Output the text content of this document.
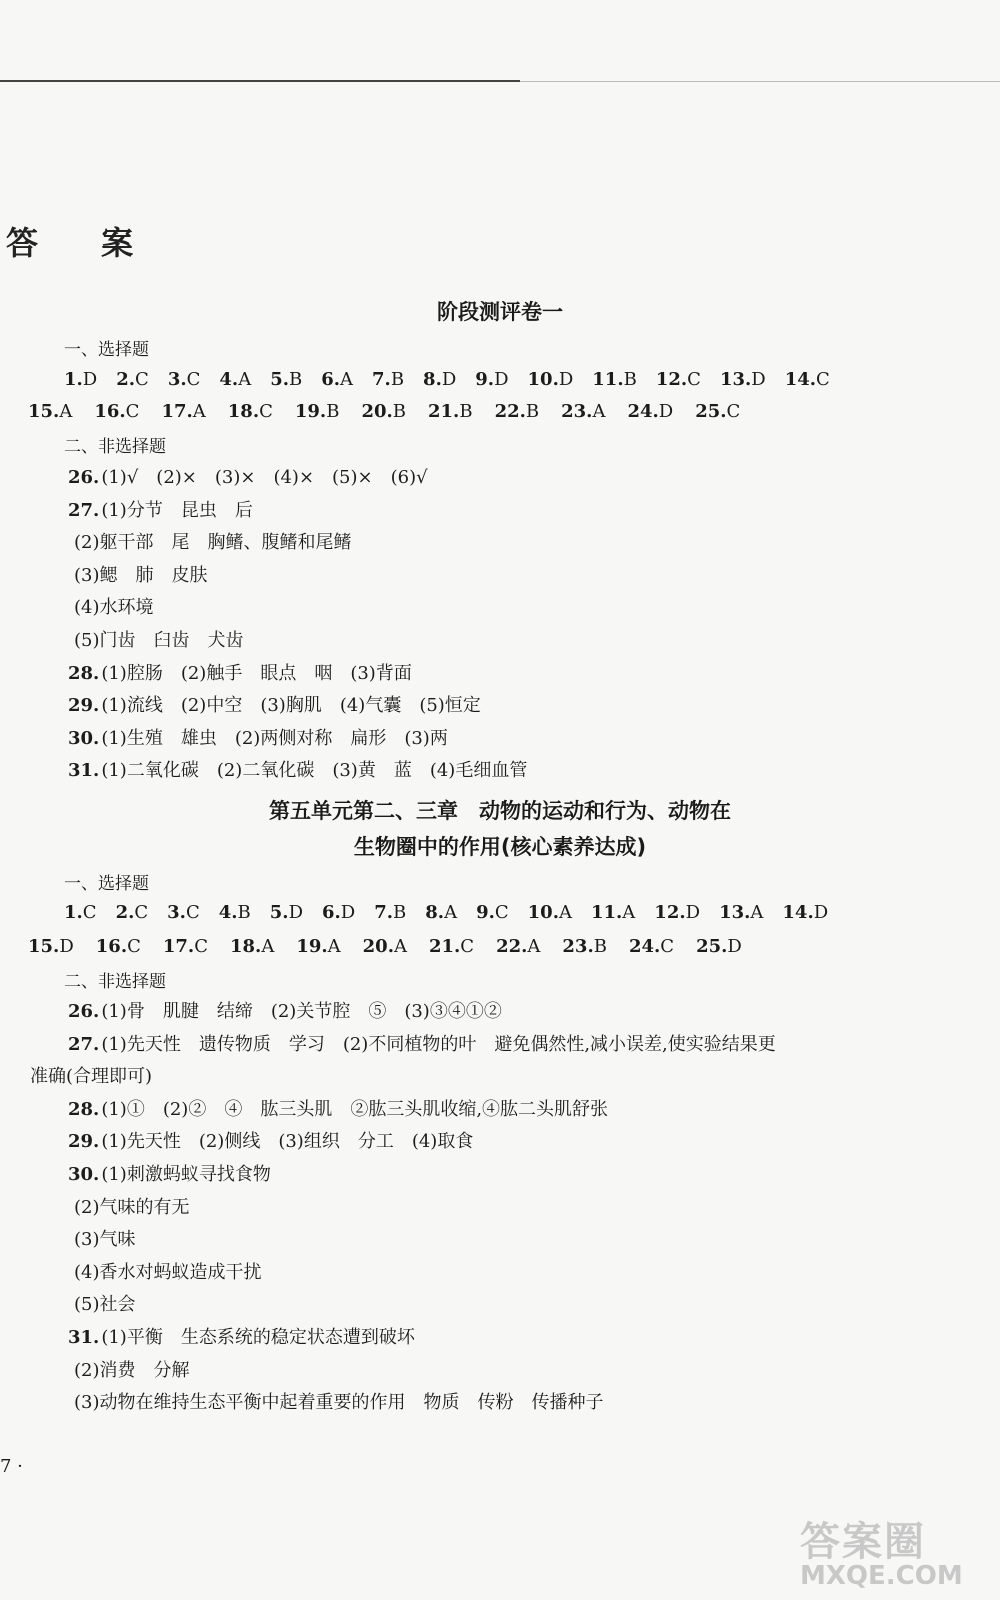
答 案
阶段测评卷一
一、选择题
1.D 2.C 3.C 4.A 5.B 6.A 7.B 8.D 9.D 10.D 11.B 12.C 13.D 14.C
15.A 16.C 17.A 18.C 19.B 20.B 21.B 22.B 23.A 24.D 25.C
二、非选择题
26. (1)√　(2)×　(3)×　(4)×　(5)×　(6)√
27. (1)分节　昆虫　后
(2)躯干部　尾　胸鳍、腹鳍和尾鳍
(3)鳃　肺　皮肤
(4)水环境
(5)门齿　臼齿　犬齿
28. (1)腔肠　(2)触手　眼点　咽　(3)背面
29. (1)流线　(2)中空　(3)胸肌　(4)气囊　(5)恒定
30. (1)生殖　雄虫　(2)两侧对称　扁形　(3)两
31. (1)二氧化碳　(2)二氧化碳　(3)黄　蓝　(4)毛细血管
第五单元第二、三章　动物的运动和行为、动物在
生物圈中的作用(核心素养达成)
一、选择题
1.C 2.C 3.C 4.B 5.D 6.D 7.B 8.A 9.C 10.A 11.A 12.D 13.A 14.D
15.D 16.C 17.C 18.A 19.A 20.A 21.C 22.A 23.B 24.C 25.D
二、非选择题
26. (1)骨　肌腱　结缔　(2)关节腔　⑤　(3)③④①②
27. (1)先天性　遗传物质　学习　(2)不同植物的叶　避免偶然性,减小误差,使实验结果更
准确(合理即可)
28. (1)①　(2)②　④　肱三头肌　②肱三头肌收缩,④肱二头肌舒张
29. (1)先天性　(2)侧线　(3)组织　分工　(4)取食
30. (1)刺激蚂蚁寻找食物
(2)气味的有无
(3)气味
(4)香水对蚂蚁造成干扰
(5)社会
31. (1)平衡　生态系统的稳定状态遭到破坏
(2)消费　分解
(3)动物在维持生态平衡中起着重要的作用　物质　传粉　传播种子
7 ·
答案圈
MXQE.COM
